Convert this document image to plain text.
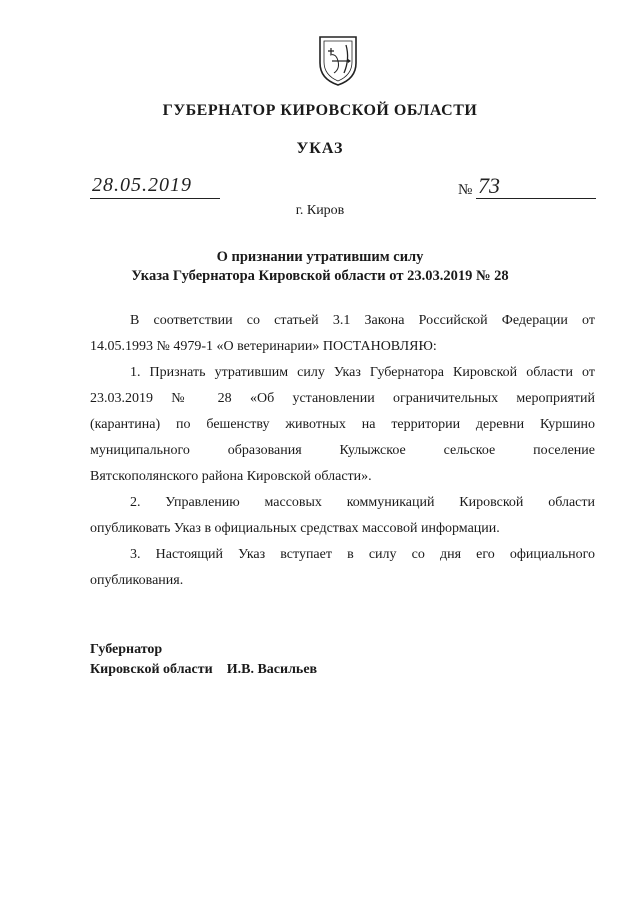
ГУБЕРНАТОР КИРОВСКОЙ ОБЛАСТИ
УКАЗ
28.05.2019	№ 73
г. Киров
О признании утратившим силу
Указа Губернатора Кировской области от 23.03.2019 № 28
В соответствии со статьей 3.1 Закона Российской Федерации от
14.05.1993 № 4979-1 «О ветеринарии» ПОСТАНОВЛЯЮ:
1. Признать утратившим силу Указ Губернатора Кировской области от
23.03.2019 № 28 «Об установлении ограничительных мероприятий
(карантина) по бешенству животных на территории деревни Куршино
муниципального образования Кулыжское сельское поселение
Вятскополянского района Кировской области».
2. Управлению массовых коммуникаций Кировской области
опубликовать Указ в официальных средствах массовой информации.
3. Настоящий Указ вступает в силу со дня его официального
опубликования.
Губернатор
Кировской области И.В. Васильев
